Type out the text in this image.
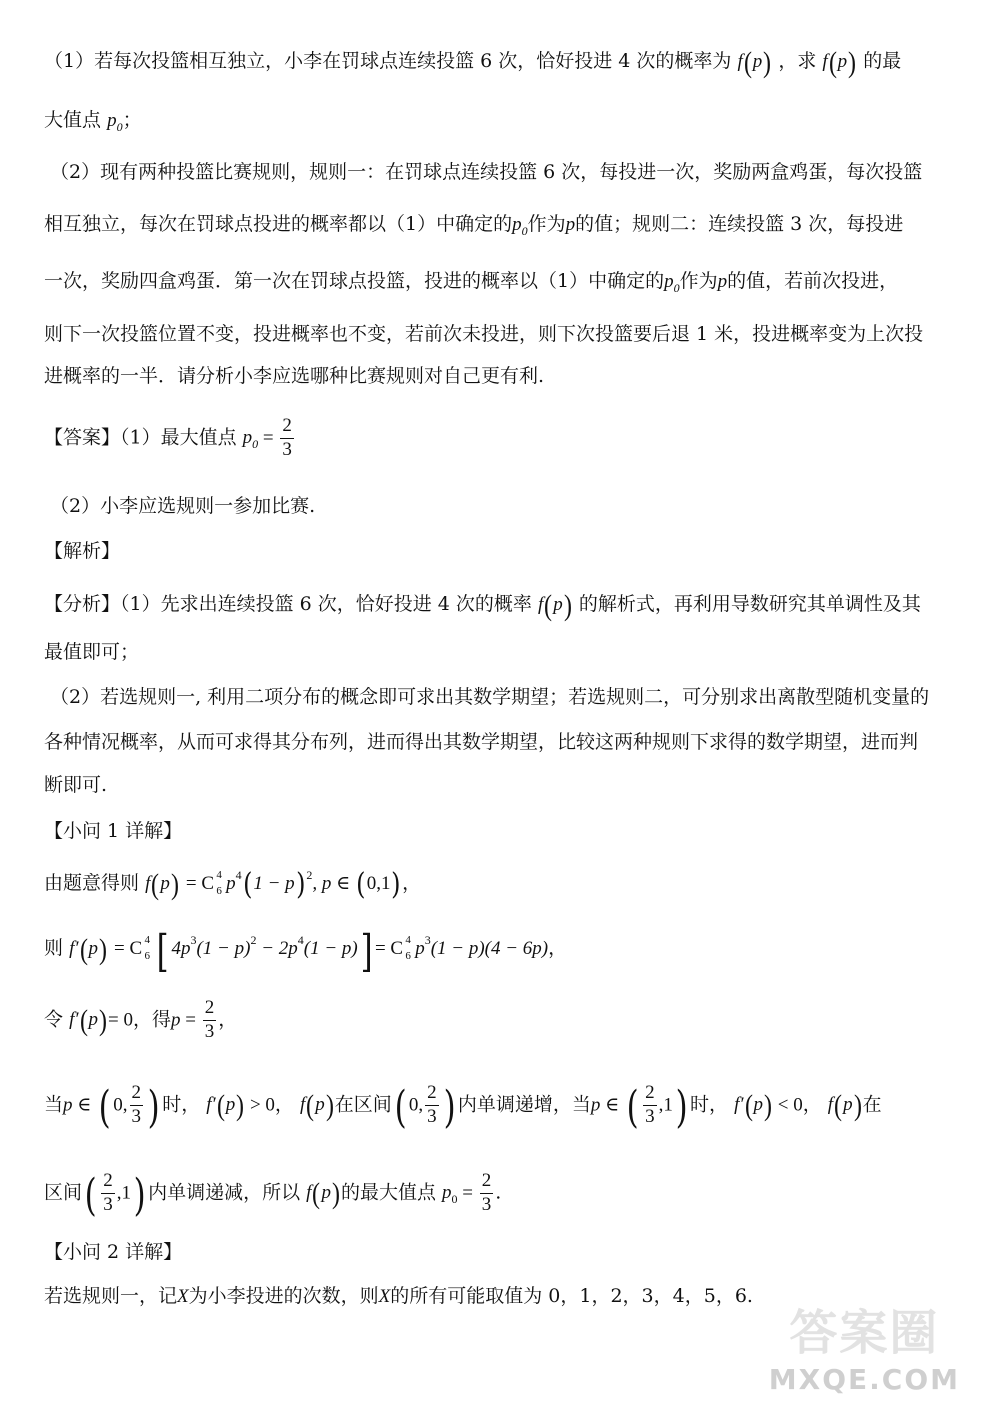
（1）若每次投篮相互独立，小李在罚球点连续投篮 6 次，恰好投进 4 次的概率为 f(p) ，求 f(p) 的最
大值点 $p_0$；
（2）现有两种投篮比赛规则，规则一：在罚球点连续投篮 6 次，每投进一次，奖励两盒鸡蛋，每次投篮
相互独立，每次在罚球点投进的概率都以（1）中确定的$p_0$作为p的值；规则二：连续投篮 3 次，每投进
一次，奖励四盒鸡蛋．第一次在罚球点投篮，投进的概率以（1）中确定的$p_0$作为p的值，若前次投进，
则下一次投篮位置不变，投进概率也不变，若前次未投进，则下次投篮要后退 1 米，投进概率变为上次投
进概率的一半．请分析小李应选哪种比赛规则对自己更有利.
【答案】（1）最大值点 $p_0 = \frac{2}{3}$
（2）小李应选规则一参加比赛.
【解析】
【分析】（1）先求出连续投篮 6 次，恰好投进 4 次的概率 f(p) 的解析式，再利用导数研究其单调性及其
最值即可；
（2）若选规则一, 利用二项分布的概念即可求出其数学期望；若选规则二，可分别求出离散型随机变量的
各种情况概率，从而可求得其分布列，进而得出其数学期望，比较这两种规则下求得的数学期望，进而判
断即可.
【小问 1 详解】
由题意得则 f(p) = C 4
6 $p^4(1 - p)^2$, p ∈ (0,1)，
则 f′(p) = C 4
6 [ $4p^3(1 - p)^2 - 2p^4(1 - p)] = C$ 4
6 $p^3(1 - p)(4 - 6p)$，
令 f′(p)= 0，得$p = \frac{2}{3}$ ，
当p ∈ ( 0, $\frac{2}{3}$ ) 时， f′(p) > 0， f(p)在区间( 0, $\frac{2}{3}$ ) 内单调递增，当p ∈ ( $\frac{2}{3} ,1$) 时， f′(p) < 0， f(p)在
区间( $\frac{2}{3} ,1$) 内单调递减，所以 f(p)的最大值点 $p_0 = \frac{2}{3}$ .
【小问 2 详解】
若选规则一，记X为小李投进的次数，则X的所有可能取值为 0，1，2，3，4，5，6.
答案圈
MXQE.COM
